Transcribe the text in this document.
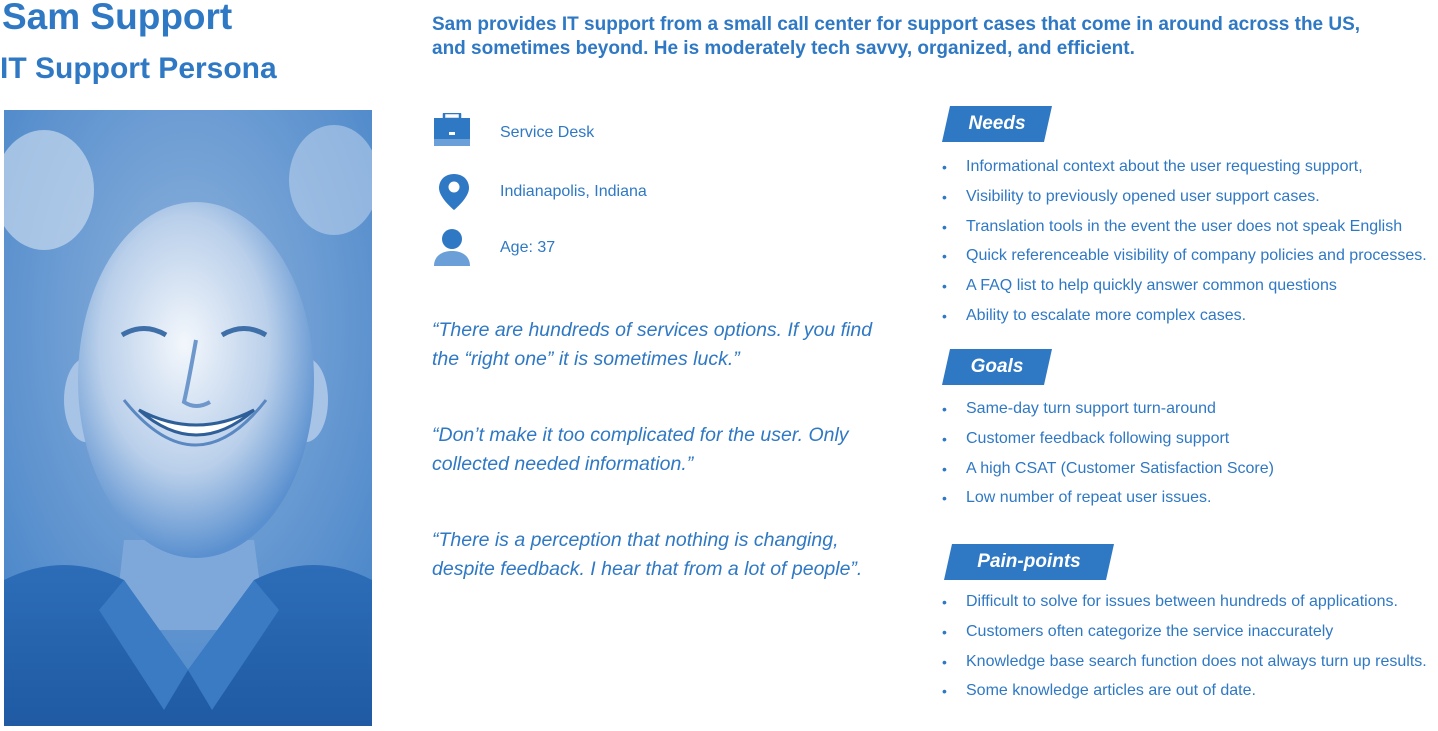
Sam Support
IT Support Persona

Sam provides IT support from a small call center for support cases that come in around across the US, and sometimes beyond. He is moderately tech savvy, organized, and efficient.

Service Desk
Indianapolis, Indiana
Age: 37

“There are hundreds of services options. If you find the “right one” it is sometimes luck.”

“Don’t make it too complicated for the user. Only collected needed information.”

“There is a perception that nothing is changing, despite feedback. I hear that from a lot of people”.

Needs
• Informational context about the user requesting support,
• Visibility to previously opened user support cases.
• Translation tools in the event the user does not speak English
• Quick referenceable visibility of company policies and processes.
• A FAQ list to help quickly answer common questions
• Ability to escalate more complex cases.
Goals
• Same-day turn support turn-around
• Customer feedback following support
• A high CSAT (Customer Satisfaction Score)
• Low number of repeat user issues.
Pain-points
• Difficult to solve for issues between hundreds of applications.
• Customers often categorize the service inaccurately
• Knowledge base search function does not always turn up results.
• Some knowledge articles are out of date.
